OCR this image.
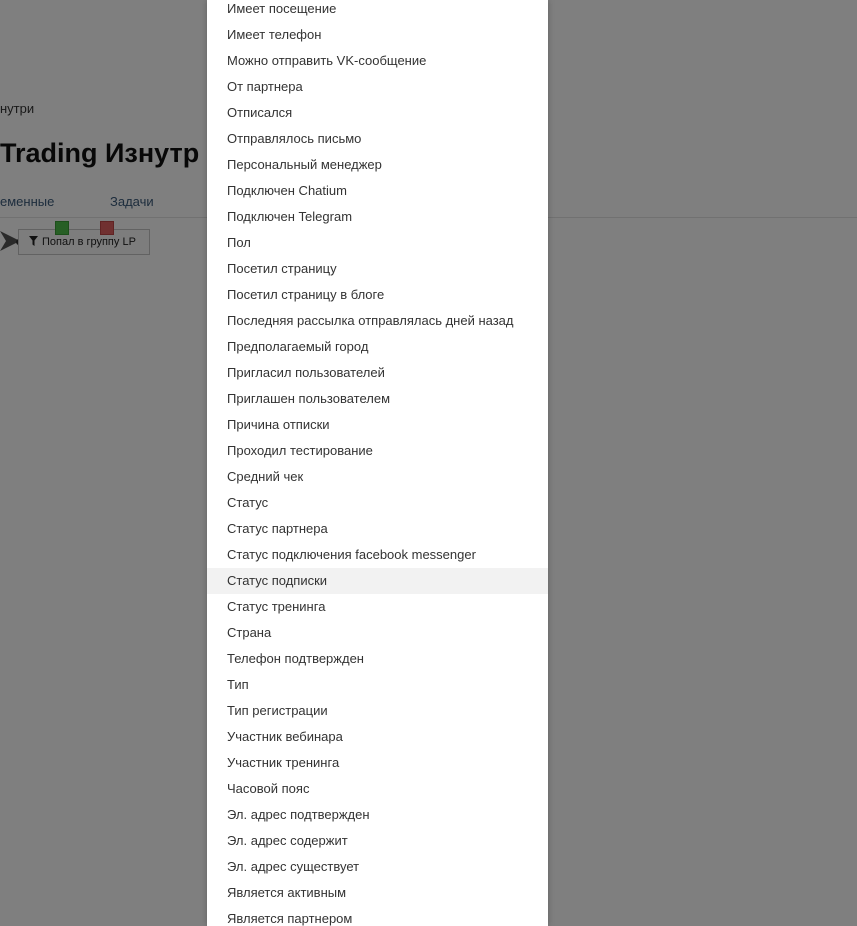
Имеет посещение
Имеет телефон
Можно отправить VK-сообщение
От партнера
Отписался
Отправлялось письмо
Персональный менеджер
Подключен Chatium
Подключен Telegram
Пол
Посетил страницу
Посетил страницу в блоге
Последняя рассылка отправлялась дней назад
Предполагаемый город
Пригласил пользователей
Приглашен пользователем
Причина отписки
Проходил тестирование
Средний чек
Статус
Статус партнера
Статус подключения facebook messenger
Статус подписки
Статус тренинга
Страна
Телефон подтвержден
Тип
Тип регистрации
Участник вебинара
Участник тренинга
Часовой пояс
Эл. адрес подтвержден
Эл. адрес содержит
Эл. адрес существует
Является активным
Является партнером
